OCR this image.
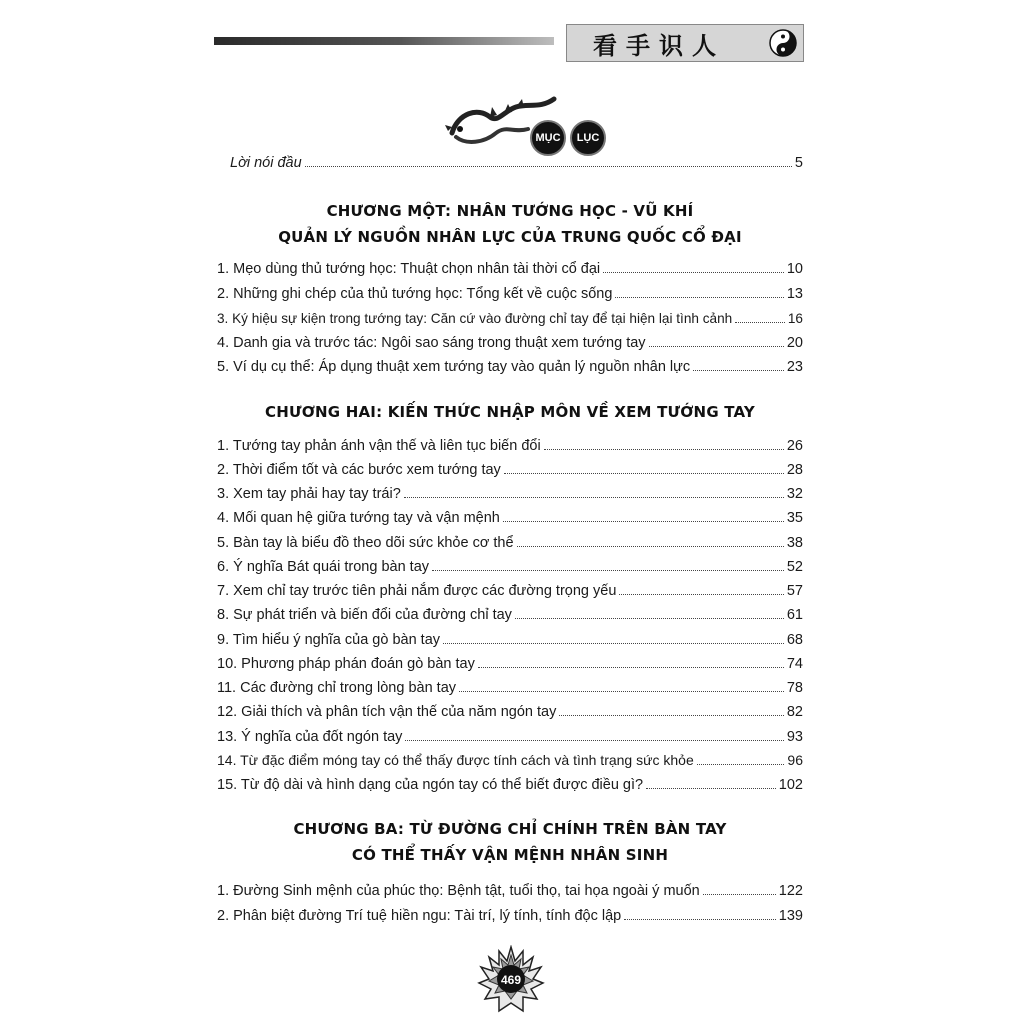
看手识人
MỤC	LỤC
Lời nói đầu	5
CHƯƠNG MỘT: NHÂN TƯỚNG HỌC - VŨ KHÍ
QUẢN LÝ NGUỒN NHÂN LỰC CỦA TRUNG QUỐC CỔ ĐẠI
1. Mẹo dùng thủ tướng học: Thuật chọn nhân tài thời cổ đại	10
2. Những ghi chép của thủ tướng học: Tổng kết về cuộc sống	13
3. Ký hiệu sự kiện trong tướng tay: Căn cứ vào đường chỉ tay để tại hiện lại tình cảnh	16
4. Danh gia và trước tác: Ngôi sao sáng trong thuật xem tướng tay	20
5. Ví dụ cụ thể: Áp dụng thuật xem tướng tay vào quản lý nguồn nhân lực	23
CHƯƠNG HAI: KIẾN THỨC NHẬP MÔN VỀ XEM TƯỚNG TAY
1. Tướng tay phản ánh vận thế và liên tục biến đổi	26
2. Thời điểm tốt và các bước xem tướng tay	28
3. Xem tay phải hay tay trái?	32
4. Mối quan hệ giữa tướng tay và vận mệnh	35
5. Bàn tay là biểu đồ theo dõi sức khỏe cơ thể	38
6. Ý nghĩa Bát quái trong bàn tay	52
7. Xem chỉ tay trước tiên phải nắm được các đường trọng yếu	57
8. Sự phát triển và biến đổi của đường chỉ tay	61
9. Tìm hiểu ý nghĩa của gò bàn tay	68
10. Phương pháp phán đoán gò bàn tay	74
11. Các đường chỉ trong lòng bàn tay	78
12. Giải thích và phân tích vận thế của năm ngón tay	82
13. Ý nghĩa của đốt ngón tay	93
14. Từ đặc điểm móng tay có thể thấy được tính cách và tình trạng sức khỏe	96
15. Từ độ dài và hình dạng của ngón tay có thể biết được điều gì?	102
CHƯƠNG BA: TỪ ĐƯỜNG CHỈ CHÍNH TRÊN BÀN TAY
CÓ THỂ THẤY VẬN MỆNH NHÂN SINH
1. Đường Sinh mệnh của phúc thọ: Bệnh tật, tuổi thọ, tai họa ngoài ý muốn	122
2. Phân biệt đường Trí tuệ hiền ngu: Tài trí, lý tính, tính độc lập	139
469
